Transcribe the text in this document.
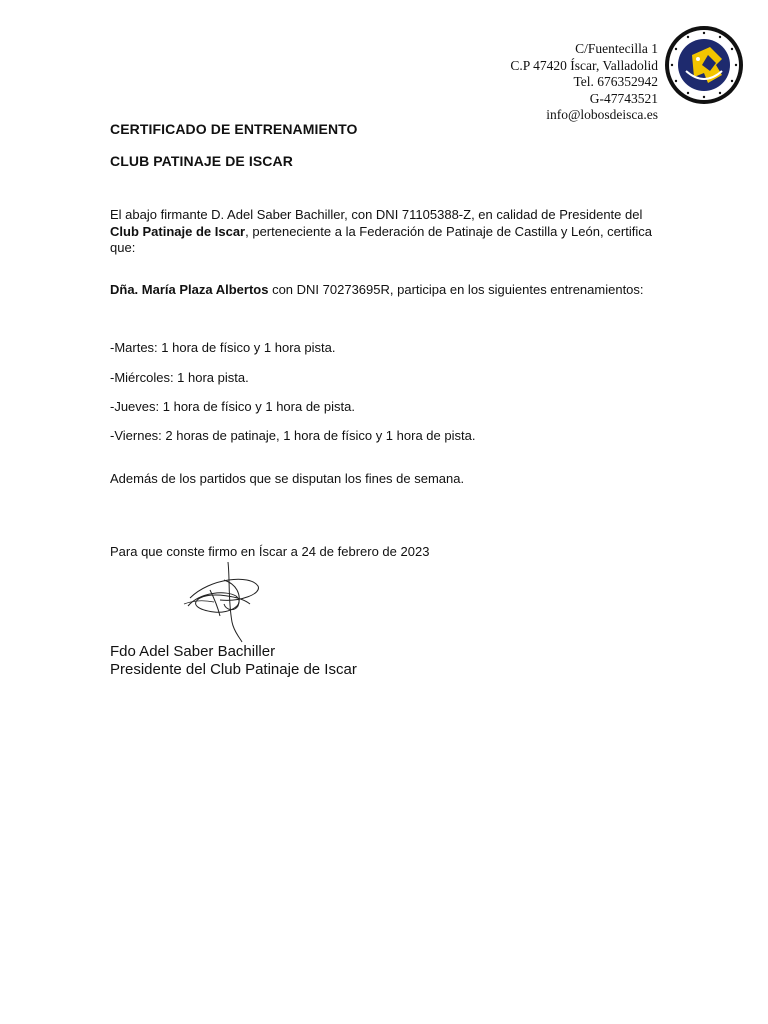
C/Fuentecilla 1
C.P 47420 Íscar, Valladolid
Tel. 676352942
G-47743521
info@lobosdeisca.es
CERTIFICADO DE ENTRENAMIENTO
CLUB PATINAJE DE ISCAR
El abajo firmante D. Adel Saber Bachiller, con DNI 71105388-Z, en calidad de Presidente del Club Patinaje de Iscar, perteneciente a la Federación de Patinaje de Castilla y León, certifica que:
Dña. María Plaza Albertos con DNI 70273695R, participa en los siguientes entrenamientos:
-Martes: 1 hora de físico y 1 hora pista.
-Miércoles: 1 hora pista.
-Jueves: 1 hora de físico y 1 hora de pista.
-Viernes: 2 horas de patinaje, 1 hora de físico y 1 hora de pista.
Además de los partidos que se disputan los fines de semana.
Para que conste firmo en Íscar a 24 de febrero de 2023
Fdo Adel Saber Bachiller
Presidente del Club Patinaje de Iscar
